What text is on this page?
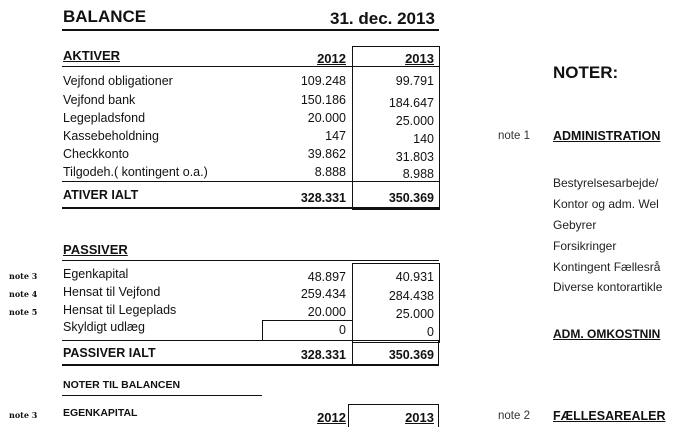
BALANCE	31. dec. 2013
AKTIVER	2012	2013
Vejfond obligationer	109.248	99.791
Vejfond bank	150.186	184.647
Legepladsfond	20.000	25.000
Kassebeholdning	147	140
Checkkonto	39.862	31.803
Tilgodeh.( kontingent o.a.)	8.888	8.988
ATIVER IALT	328.331	350.369
PASSIVER
note 3 Egenkapital	48.897	40.931
note 4 Hensat til Vejfond	259.434	284.438
note 5 Hensat til Legeplads	20.000	25.000
Skyldigt udlæg	0	0
PASSIVER IALT	328.331	350.369
NOTER TIL BALANCEN
note 3 EGENKAPITAL	2012	2013
NOTER:
note 1 ADMINISTRATION
Bestyrelsesarbejde/
Kontor og adm. Wel
Gebyrer
Forsikringer
Kontingent Fællesrå
Diverse kontorartikle
ADM. OMKOSTNIN
note 2 FÆLLESAREALER
